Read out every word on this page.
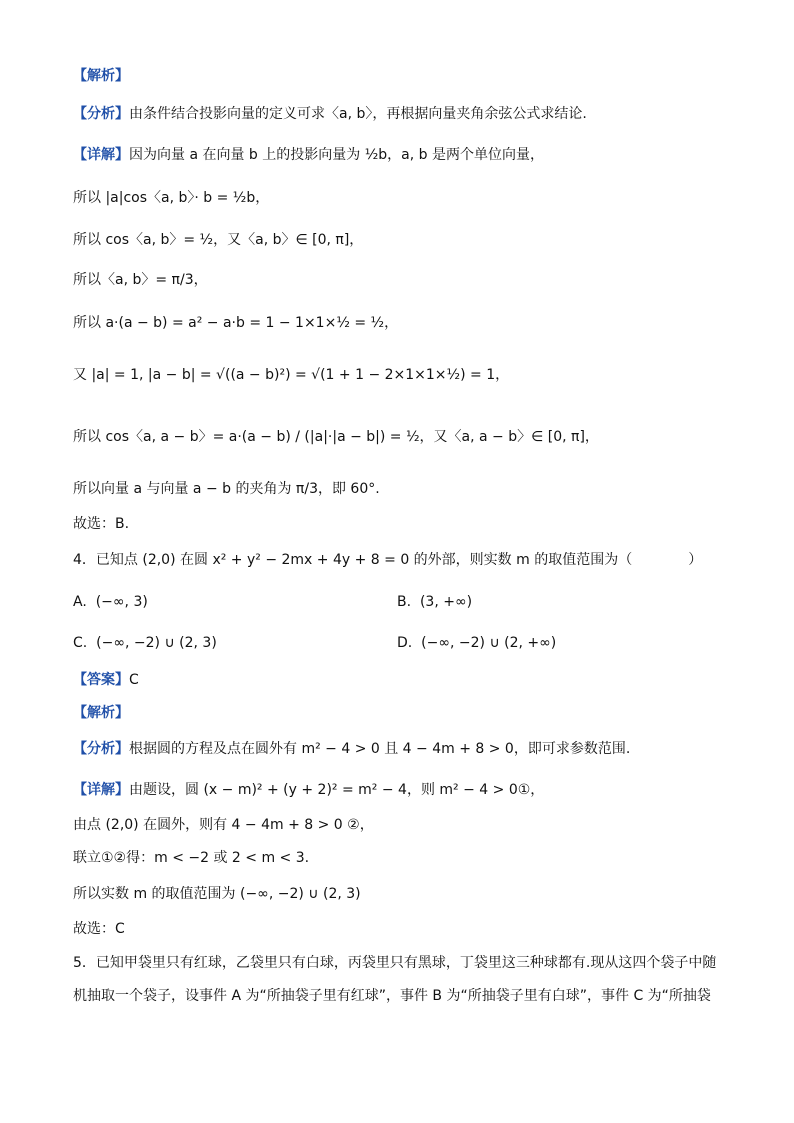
【解析】
【分析】由条件结合投影向量的定义可求〈a, b〉，再根据向量夹角余弦公式求结论.
【详解】因为向量 a 在向量 b 上的投影向量为 ½b，a, b 是两个单位向量，
所以 |a|cos〈a, b〉· b = ½b，
所以 cos〈a, b〉= ½，又〈a, b〉∈ [0, π]，
所以〈a, b〉= π/3，
所以 a·(a − b) = a² − a·b = 1 − 1×1×½ = ½，
又 |a| = 1, |a − b| = √((a − b)²) = √(1 + 1 − 2×1×1×½) = 1，
所以 cos〈a, a − b〉= a·(a − b) / (|a|·|a − b|) = ½，又〈a, a − b〉∈ [0, π]，
所以向量 a 与向量 a − b 的夹角为 π/3，即 60°.
故选：B.
4．已知点 (2,0) 在圆 x² + y² − 2mx + 4y + 8 = 0 的外部，则实数 m 的取值范围为（　　　　）
A. (−∞, 3)	B. (3, +∞)
C. (−∞, −2) ∪ (2, 3)	D. (−∞, −2) ∪ (2, +∞)
【答案】C
【解析】
【分析】根据圆的方程及点在圆外有 m² − 4 > 0 且 4 − 4m + 8 > 0，即可求参数范围.
【详解】由题设，圆 (x − m)² + (y + 2)² = m² − 4，则 m² − 4 > 0①，
由点 (2,0) 在圆外，则有 4 − 4m + 8 > 0 ②，
联立①②得：m < −2 或 2 < m < 3.
所以实数 m 的取值范围为 (−∞, −2) ∪ (2, 3)
故选：C
5．已知甲袋里只有红球，乙袋里只有白球，丙袋里只有黑球，丁袋里这三种球都有.现从这四个袋子中随
机抽取一个袋子，设事件 A 为“所抽袋子里有红球”，事件 B 为“所抽袋子里有白球”，事件 C 为“所抽袋
